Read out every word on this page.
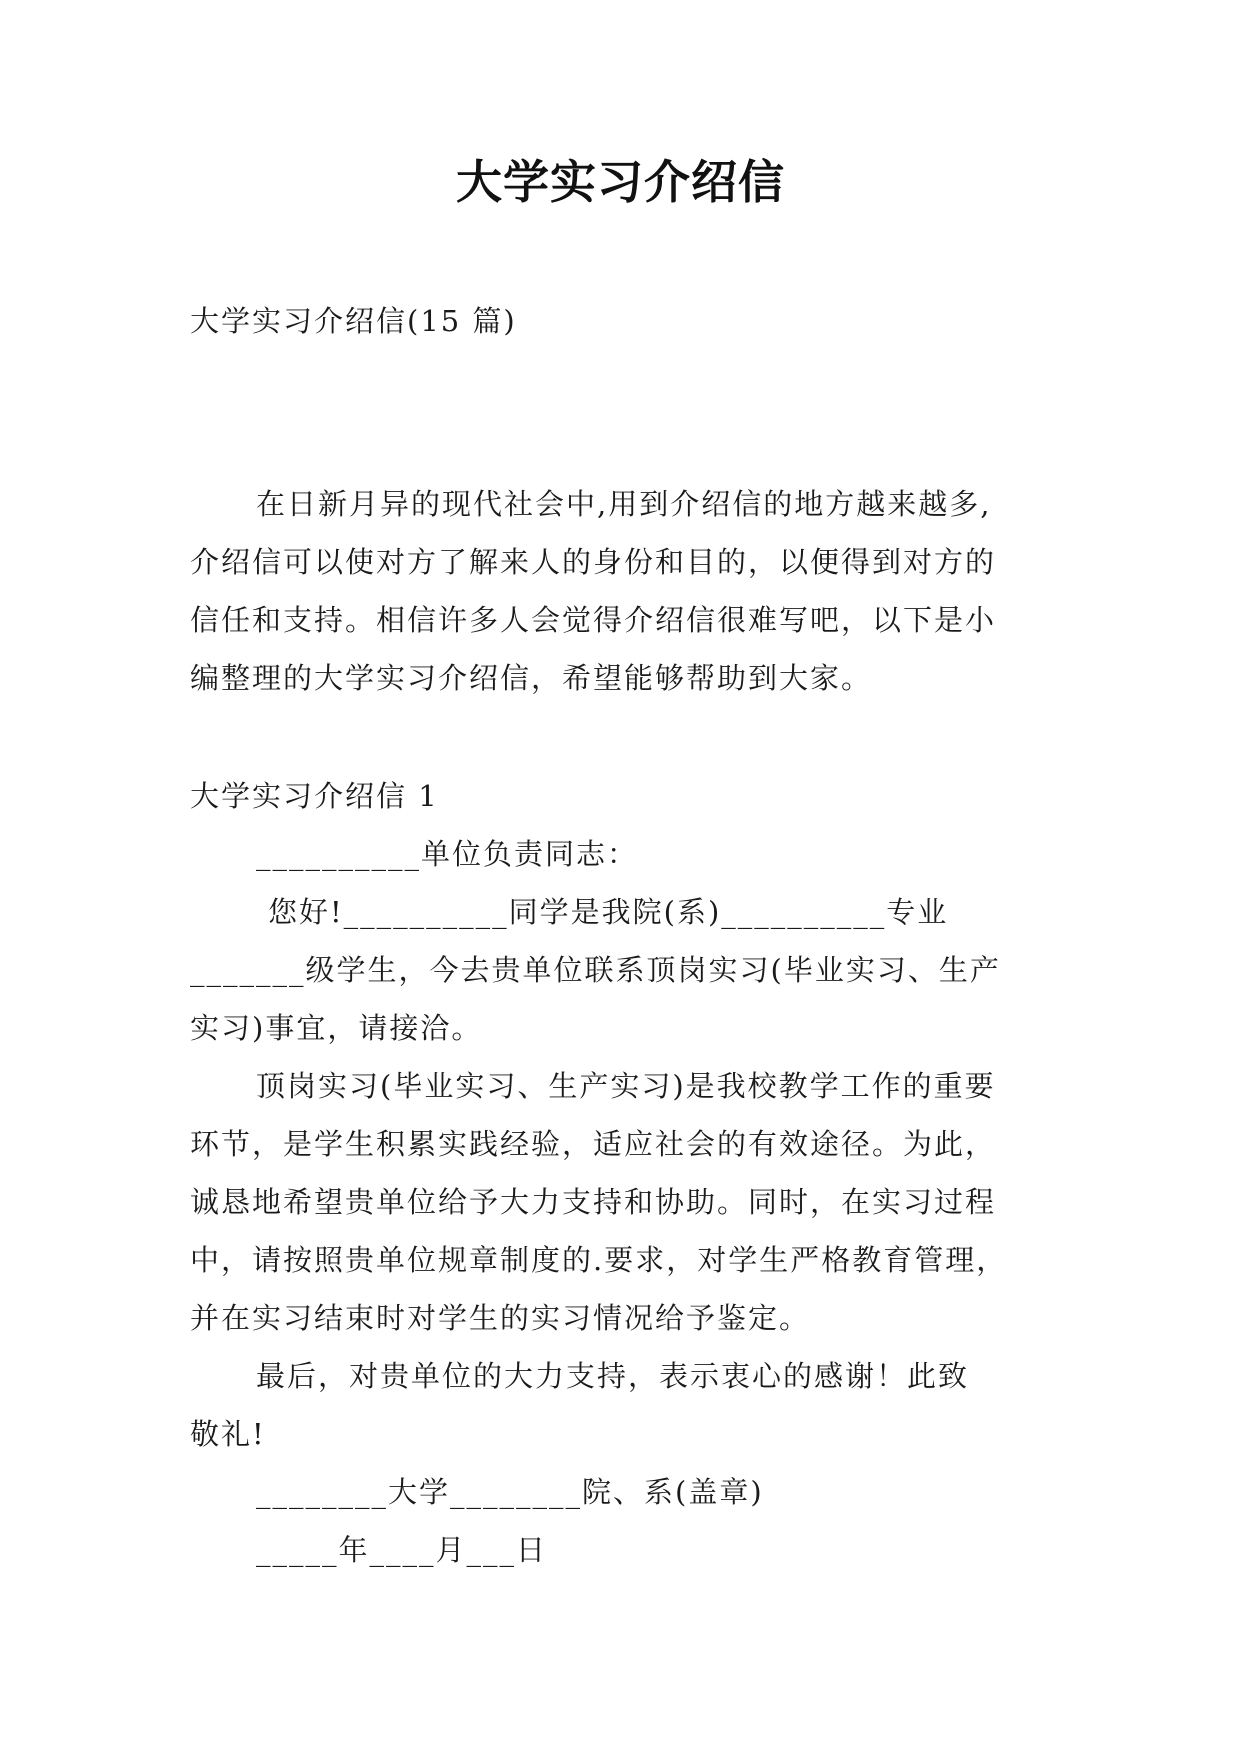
大学实习介绍信
大学实习介绍信(15 篇)
在日新月异的现代社会中,用到介绍信的地方越来越多,
介绍信可以使对方了解来人的身份和目的，以便得到对方的
信任和支持。相信许多人会觉得介绍信很难写吧，以下是小
编整理的大学实习介绍信，希望能够帮助到大家。
大学实习介绍信 1
__________单位负责同志：
您好!__________同学是我院(系)__________专业
_______级学生，今去贵单位联系顶岗实习(毕业实习、生产
实习)事宜，请接洽。
顶岗实习(毕业实习、生产实习)是我校教学工作的重要
环节，是学生积累实践经验，适应社会的有效途径。为此，
诚恳地希望贵单位给予大力支持和协助。同时，在实习过程
中，请按照贵单位规章制度的.要求，对学生严格教育管理，
并在实习结束时对学生的实习情况给予鉴定。
最后，对贵单位的大力支持，表示衷心的感谢！此致
敬礼!
________大学________院、系(盖章)
_____年____月___日
